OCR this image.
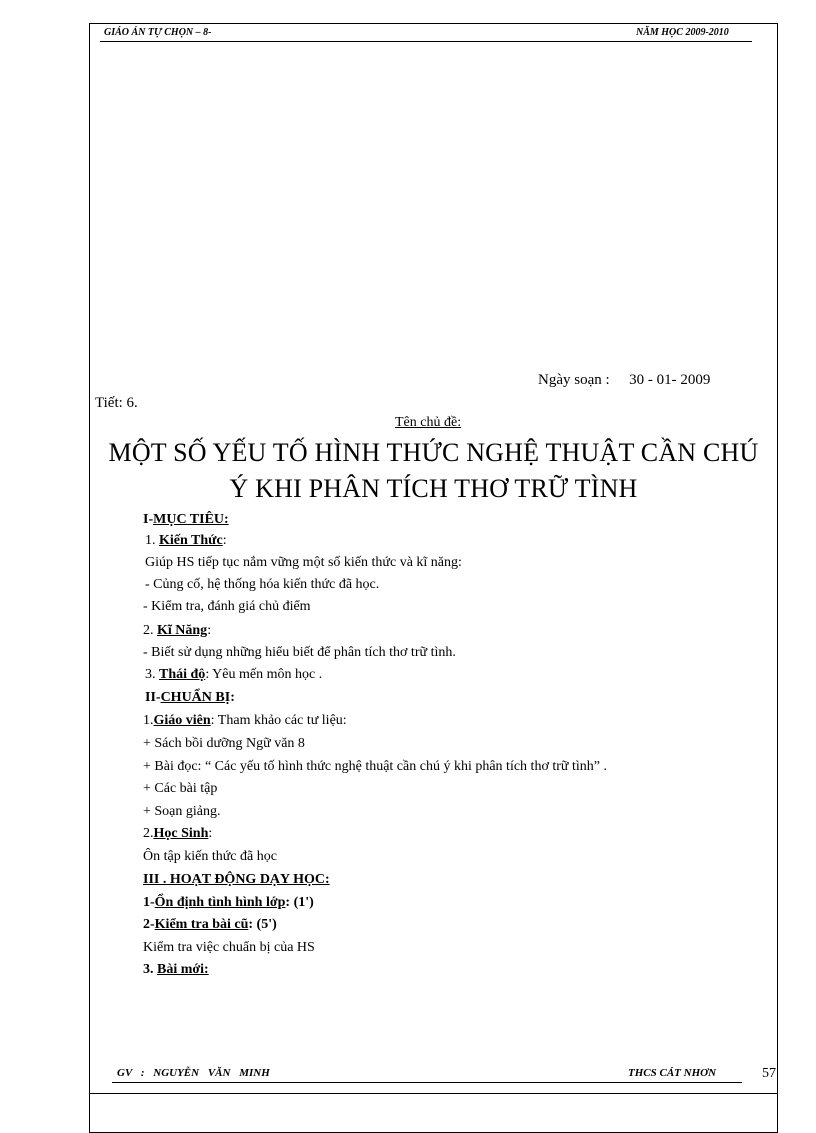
GIÁO ÁN TỰ CHỌN – 8-	NĂM HỌC 2009-2010
Ngày soạn : 30 - 01- 2009
Tiết: 6.
Tên chủ đề:
MỘT SỐ YẾU TỐ HÌNH THỨC NGHỆ THUẬT CẦN CHÚ
Ý KHI PHÂN TÍCH THƠ TRỮ TÌNH
I-MỤC TIÊU:
1. Kiến Thức:
Giúp HS tiếp tục nắm vững một số kiến thức và kĩ năng:
- Củng cố, hệ thống hóa kiến thức đã học.
- Kiểm tra, đánh giá chủ điểm
2. Kĩ Năng:
- Biết sử dụng những hiểu biết để phân tích thơ trữ tình.
3. Thái độ: Yêu mến môn học .
II-CHUẨN BỊ:
1.Giáo viên: Tham khảo các tư liệu:
+ Sách bồi dưỡng Ngữ văn 8
+ Bài đọc: “ Các yếu tố hình thức nghệ thuật cần chú ý khi phân tích thơ trữ tình” .
+ Các bài tập
+ Soạn giảng.
2.Học Sinh:
Ôn tập kiến thức đã học
III . HOẠT ĐỘNG DẠY HỌC:
1-Ổn định tình hình lớp: (1')
2-Kiểm tra bài cũ: (5')
Kiểm tra việc chuẩn bị của HS
3. Bài mới:
GV : NGUYỄN VĂN MINH	THCS CÁT NHƠN	57
